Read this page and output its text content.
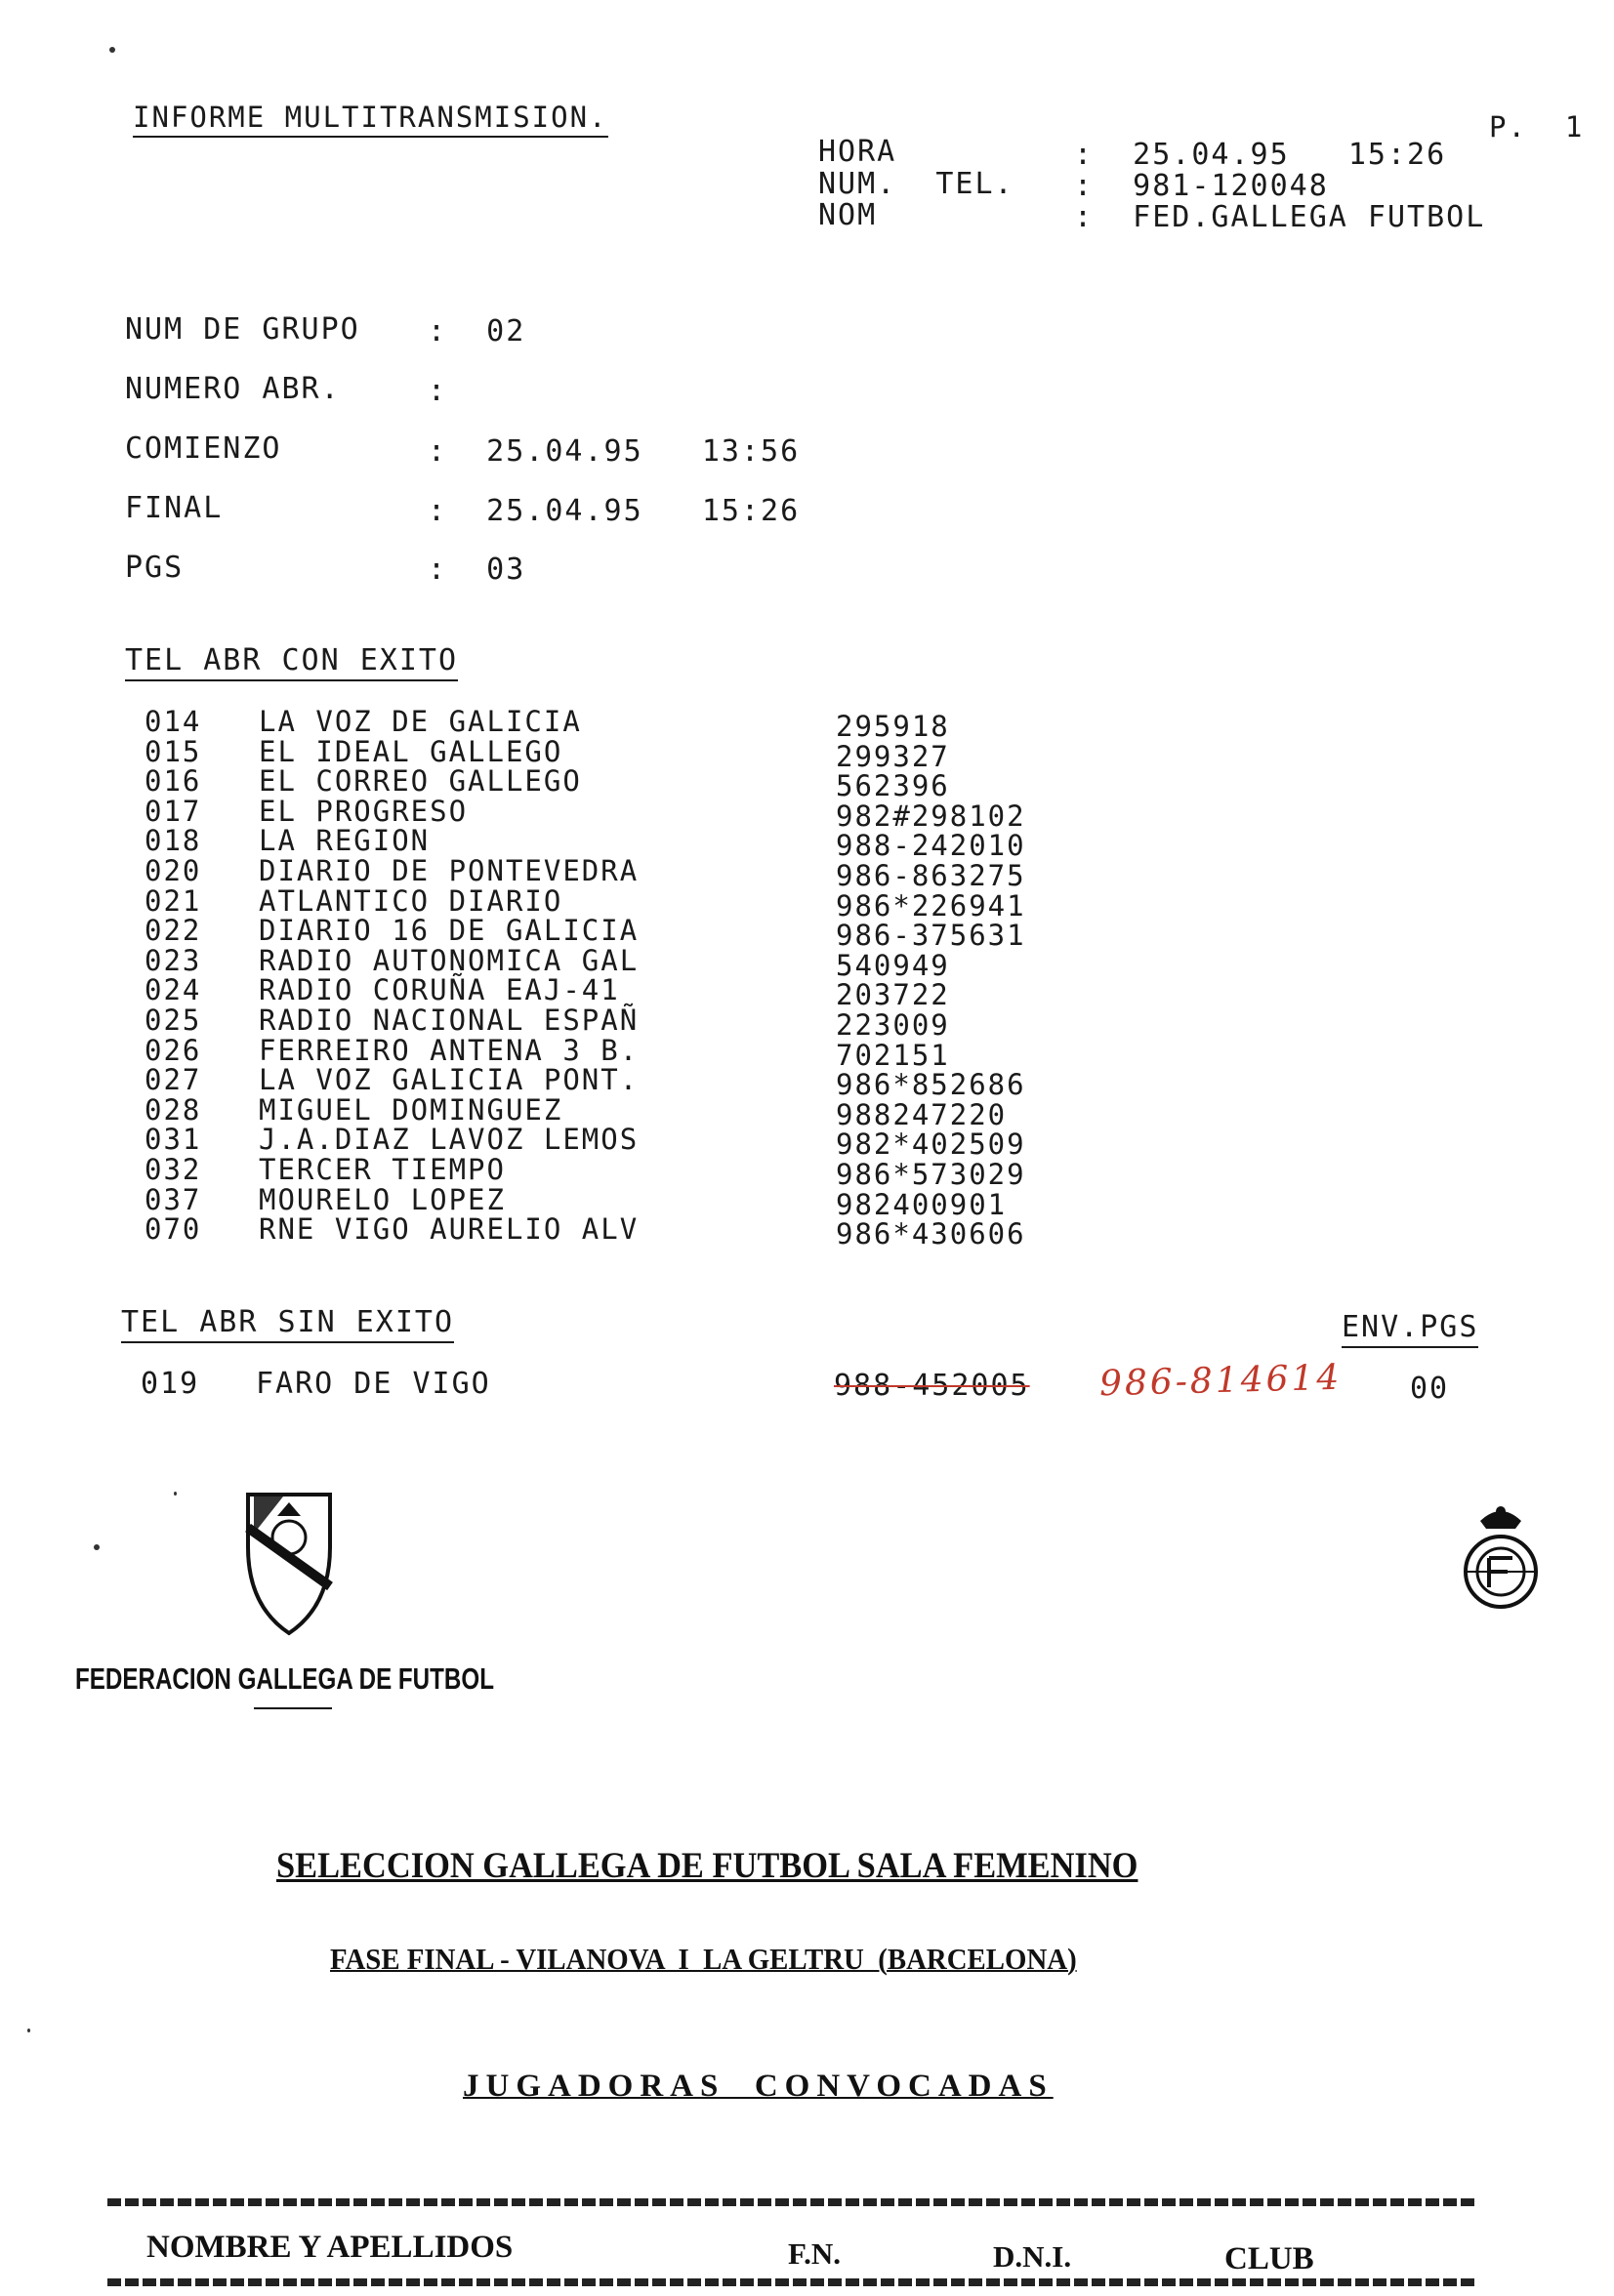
INFORME MULTITRANSMISION.	P.  1
HORA	:  25.04.95   15:26
NUM.  TEL. :  981-120048
NOM	:  FED.GALLEGA FUTBOL
NUM DE GRUPO :  02
NUMERO ABR.	:
COMIENZO	:  25.04.95   13:56
FINAL	:  25.04.95   15:26
PGS	:  03
TEL ABR CON EXITO
014 LA VOZ DE GALICIA	295918
015 EL IDEAL GALLEGO	299327
016 EL CORREO GALLEGO	562396
017 EL PROGRESO	982#298102
018 LA REGION	988-242010
020 DIARIO DE PONTEVEDRA	986-863275
021 ATLANTICO DIARIO	986*226941
022 DIARIO 16 DE GALICIA	986-375631
023 RADIO AUTONOMICA GAL	540949
024 RADIO CORUÑA EAJ-41	203722
025 RADIO NACIONAL ESPAÑ	223009
026 FERREIRO ANTENA 3 B.	702151
027 LA VOZ GALICIA PONT.	986*852686
028 MIGUEL DOMINGUEZ	988247220
031 J.A.DIAZ LAVOZ LEMOS	982*402509
032 TERCER TIEMPO	986*573029
037 MOURELO LOPEZ	982400901
070 RNE VIGO AURELIO ALV	986*430606
TEL ABR SIN EXITO	ENV.PGS
019 FARO DE VIGO	988-452005 986-814614 00
FEDERACION GALLEGA DE FUTBOL
SELECCION GALLEGA DE FUTBOL SALA FEMENINO
FASE FINAL - VILANOVA  I  LA GELTRU  (BARCELONA)
JUGADORAS  CONVOCADAS
NOMBRE Y APELLIDOS	F.N.	D.N.I.	CLUB
